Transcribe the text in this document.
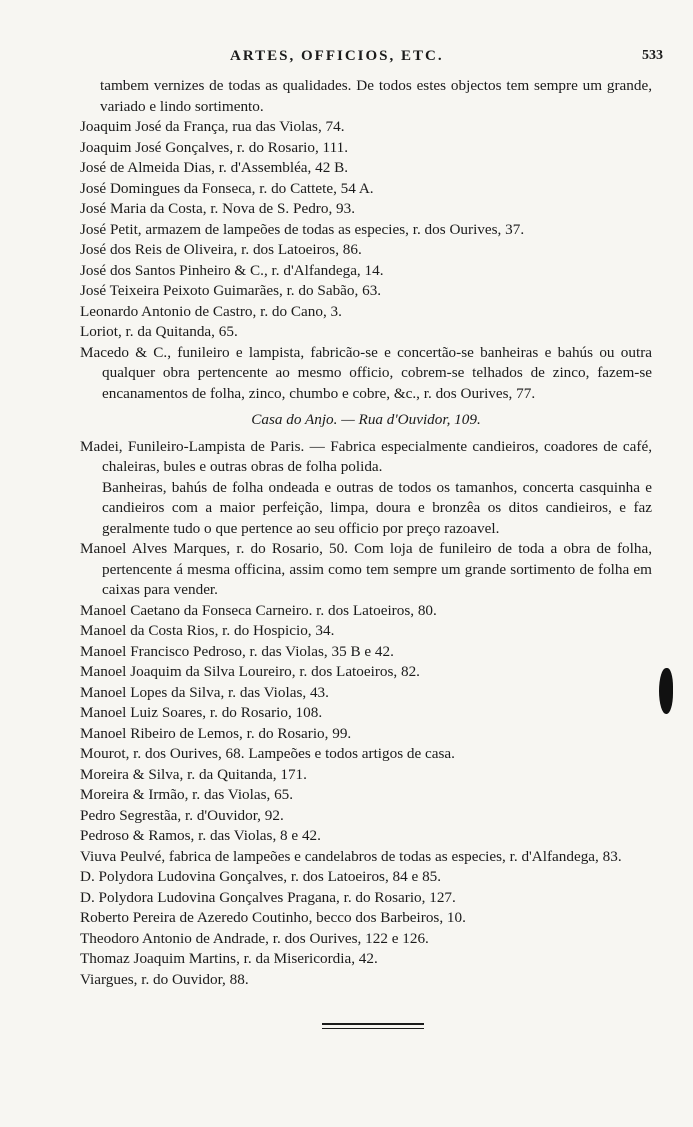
ARTES, OFFICIOS, ETC.	533
tambem vernizes de todas as qualidades. De todos estes objectos tem sempre um grande, variado e lindo sortimento.
Joaquim José da França, rua das Violas, 74.
Joaquim José Gonçalves, r. do Rosario, 111.
José de Almeida Dias, r. d'Assembléa, 42 B.
José Domingues da Fonseca, r. do Cattete, 54 A.
José Maria da Costa, r. Nova de S. Pedro, 93.
José Petit, armazem de lampeões de todas as especies, r. dos Ourives, 37.
José dos Reis de Oliveira, r. dos Latoeiros, 86.
José dos Santos Pinheiro & C., r. d'Alfandega, 14.
José Teixeira Peixoto Guimarães, r. do Sabão, 63.
Leonardo Antonio de Castro, r. do Cano, 3.
Loriot, r. da Quitanda, 65.
Macedo & C., funileiro e lampista, fabricão-se e concertão-se banheiras e bahús ou outra qualquer obra pertencente ao mesmo officio, cobrem-se telhados de zinco, fazem-se encanamentos de folha, zinco, chumbo e cobre, &c., r. dos Ourives, 77.
Casa do Anjo. — Rua d'Ouvidor, 109.
Madei, Funileiro-Lampista de Paris. — Fabrica especialmente candieiros, coadores de café, chaleiras, bules e outras obras de folha polida.
Banheiras, bahús de folha ondeada e outras de todos os tamanhos, concerta casquinha e candieiros com a maior perfeição, limpa, doura e bronzêa os ditos candieiros, e faz geralmente tudo o que pertence ao seu officio por preço razoavel.
Manoel Alves Marques, r. do Rosario, 50. Com loja de funileiro de toda a obra de folha, pertencente á mesma officina, assim como tem sempre um grande sortimento de folha em caixas para vender.
Manoel Caetano da Fonseca Carneiro. r. dos Latoeiros, 80.
Manoel da Costa Rios, r. do Hospicio, 34.
Manoel Francisco Pedroso, r. das Violas, 35 B e 42.
Manoel Joaquim da Silva Loureiro, r. dos Latoeiros, 82.
Manoel Lopes da Silva, r. das Violas, 43.
Manoel Luiz Soares, r. do Rosario, 108.
Manoel Ribeiro de Lemos, r. do Rosario, 99.
Mourot, r. dos Ourives, 68. Lampeões e todos artigos de casa.
Moreira & Silva, r. da Quitanda, 171.
Moreira & Irmão, r. das Violas, 65.
Pedro Segrestãa, r. d'Ouvidor, 92.
Pedroso & Ramos, r. das Violas, 8 e 42.
Viuva Peulvé, fabrica de lampeões e candelabros de todas as especies, r. d'Alfandega, 83.
D. Polydora Ludovina Gonçalves, r. dos Latoeiros, 84 e 85.
D. Polydora Ludovina Gonçalves Pragana, r. do Rosario, 127.
Roberto Pereira de Azeredo Coutinho, becco dos Barbeiros, 10.
Theodoro Antonio de Andrade, r. dos Ourives, 122 e 126.
Thomaz Joaquim Martins, r. da Misericordia, 42.
Viargues, r. do Ouvidor, 88.
